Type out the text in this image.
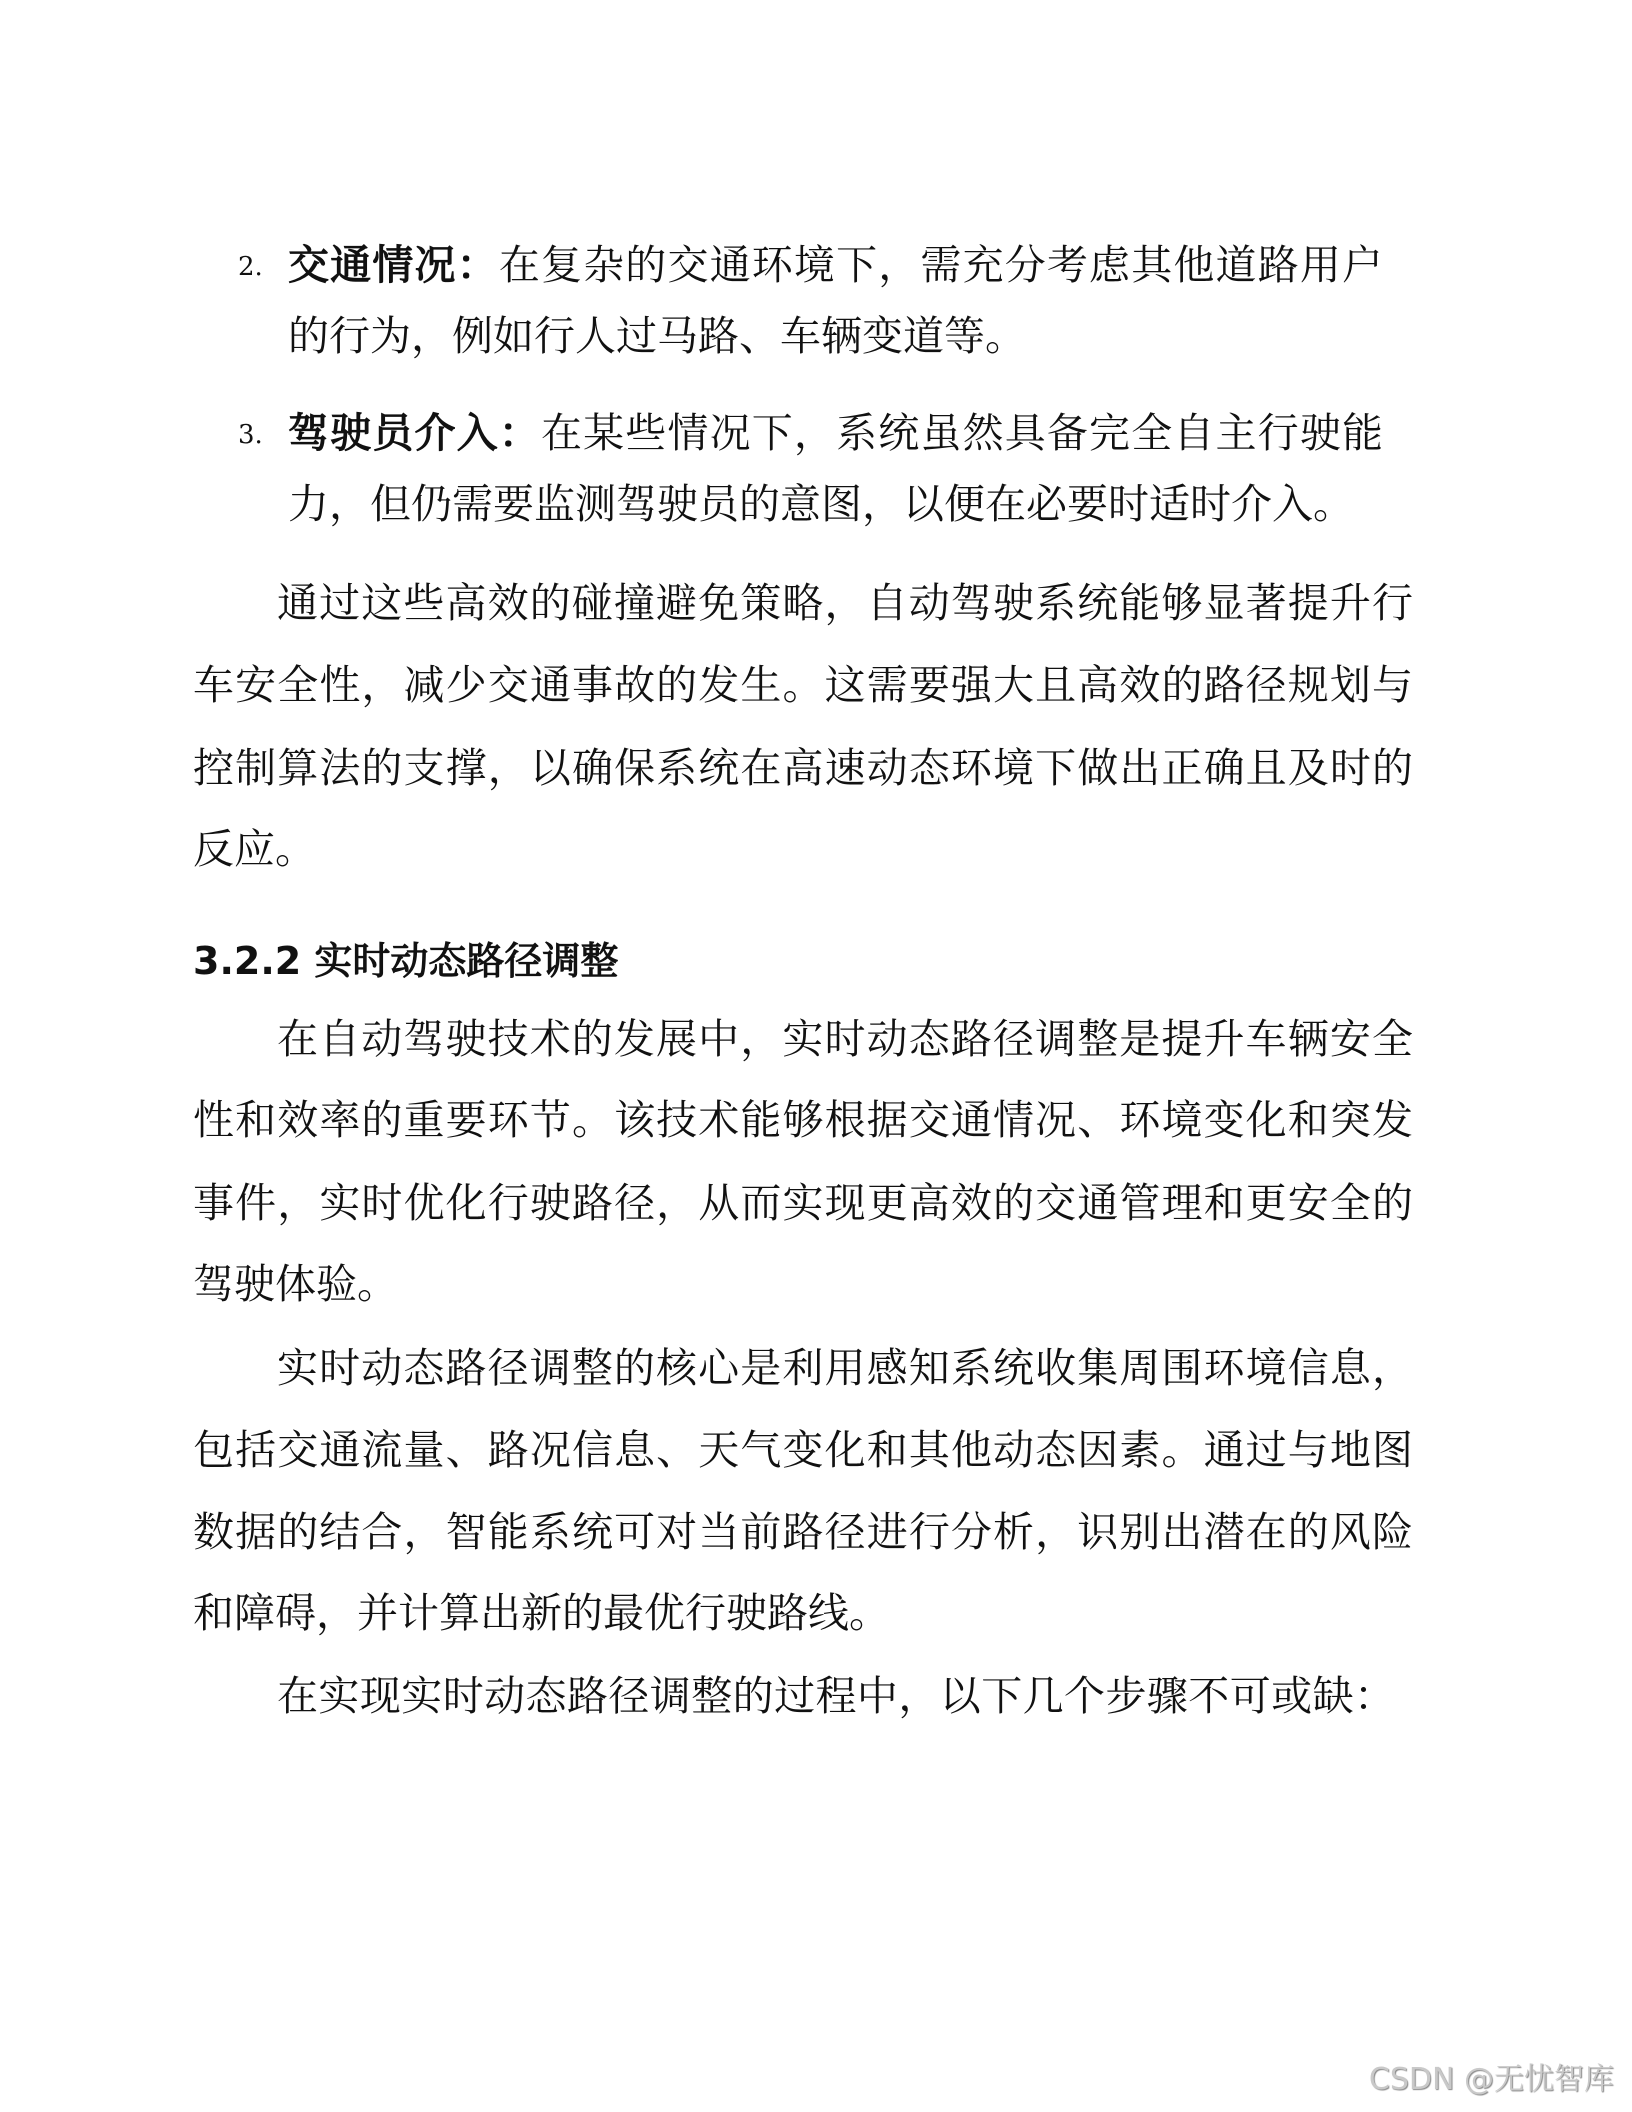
2. 交通情况：在复杂的交通环境下，需充分考虑其他道路用户
的行为，例如行人过马路、车辆变道等。
3. 驾驶员介入：在某些情况下，系统虽然具备完全自主行驶能
力，但仍需要监测驾驶员的意图，以便在必要时适时介入。
通过这些高效的碰撞避免策略，自动驾驶系统能够显著提升行
车安全性，减少交通事故的发生。这需要强大且高效的路径规划与
控制算法的支撑，以确保系统在高速动态环境下做出正确且及时的
反应。
3.2.2 实时动态路径调整
在自动驾驶技术的发展中，实时动态路径调整是提升车辆安全
性和效率的重要环节。该技术能够根据交通情况、环境变化和突发
事件，实时优化行驶路径，从而实现更高效的交通管理和更安全的
驾驶体验。
实时动态路径调整的核心是利用感知系统收集周围环境信息，
包括交通流量、路况信息、天气变化和其他动态因素。通过与地图
数据的结合，智能系统可对当前路径进行分析，识别出潜在的风险
和障碍，并计算出新的最优行驶路线。
在实现实时动态路径调整的过程中，以下几个步骤不可或缺：
CSDN @无忧智库
